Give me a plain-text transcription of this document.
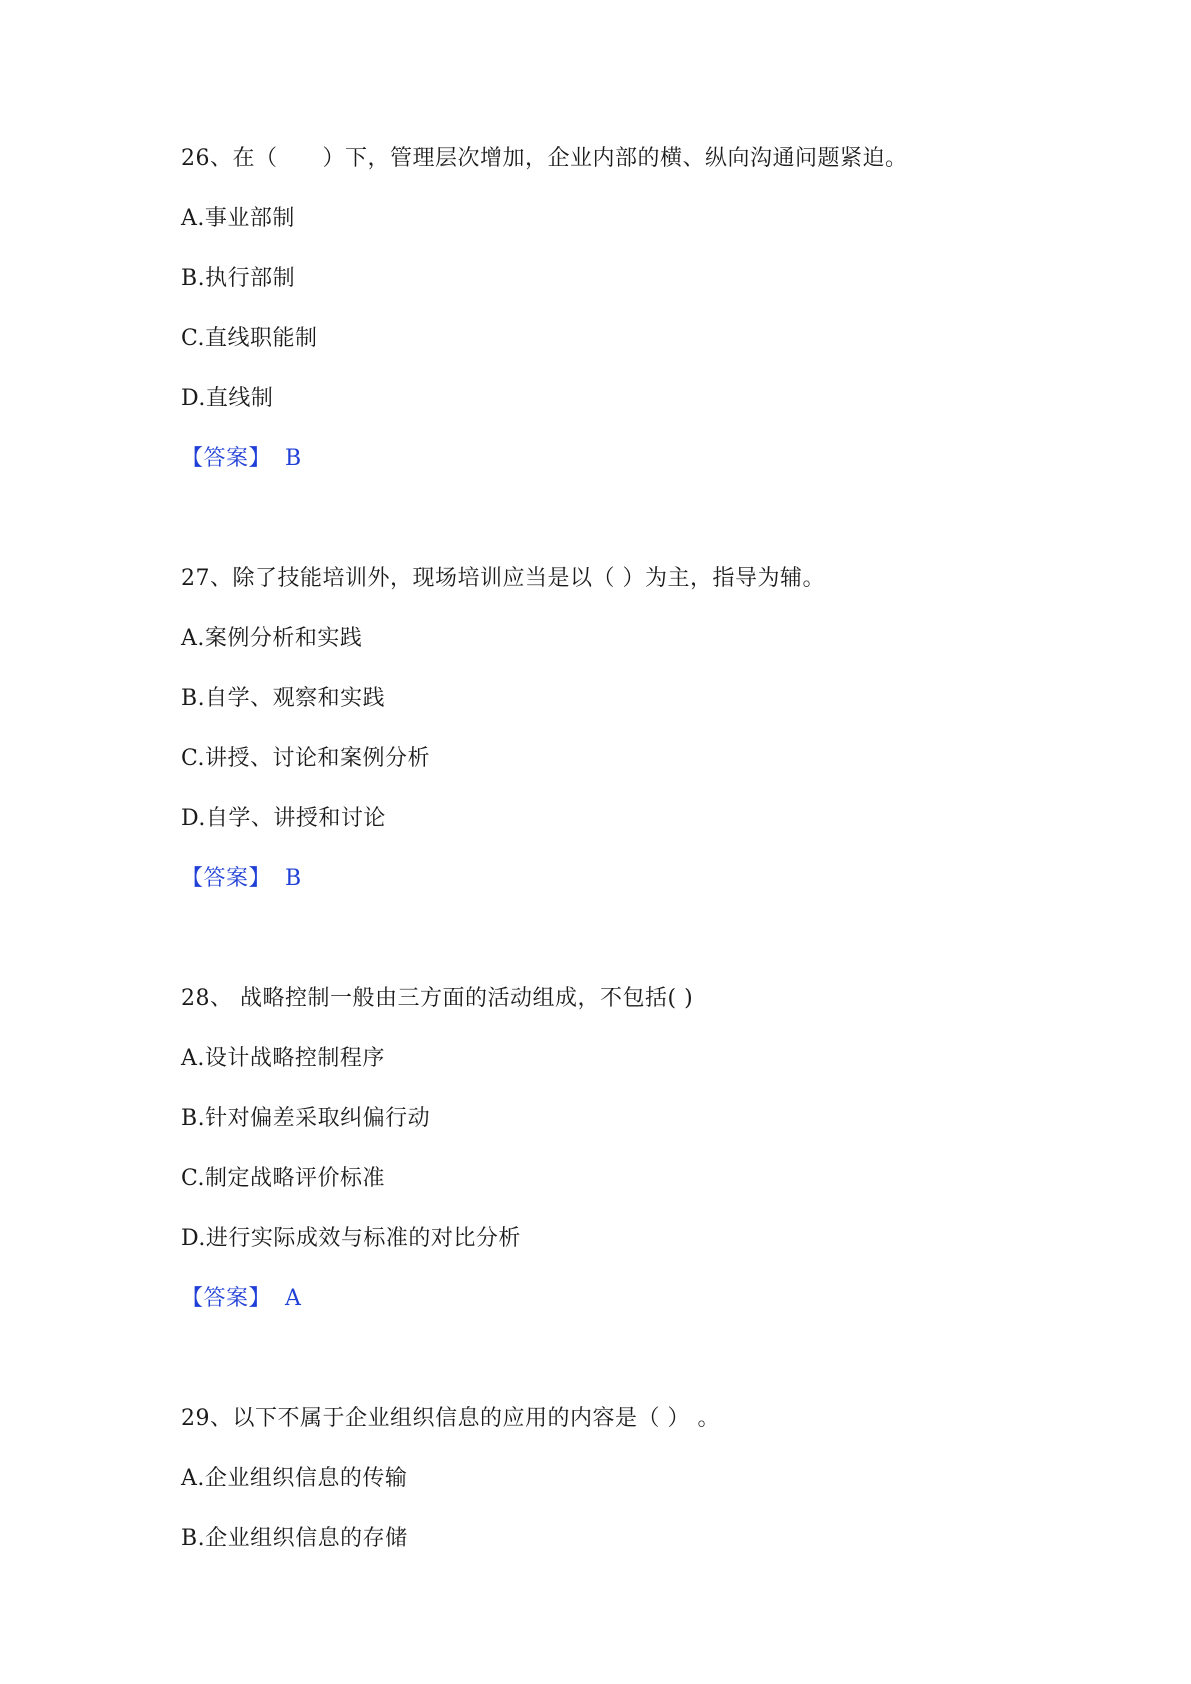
26、在（　　）下，管理层次增加，企业内部的横、纵向沟通问题紧迫。
A.事业部制
B.执行部制
C.直线职能制
D.直线制
【答案】 B
27、除了技能培训外，现场培训应当是以（ ）为主，指导为辅。
A.案例分析和实践
B.自学、观察和实践
C.讲授、讨论和案例分析
D.自学、讲授和讨论
【答案】 B
28、 战略控制一般由三方面的活动组成，不包括( )
A.设计战略控制程序
B.针对偏差采取纠偏行动
C.制定战略评价标准
D.进行实际成效与标准的对比分析
【答案】 A
29、以下不属于企业组织信息的应用的内容是（ ） 。
A.企业组织信息的传输
B.企业组织信息的存储
